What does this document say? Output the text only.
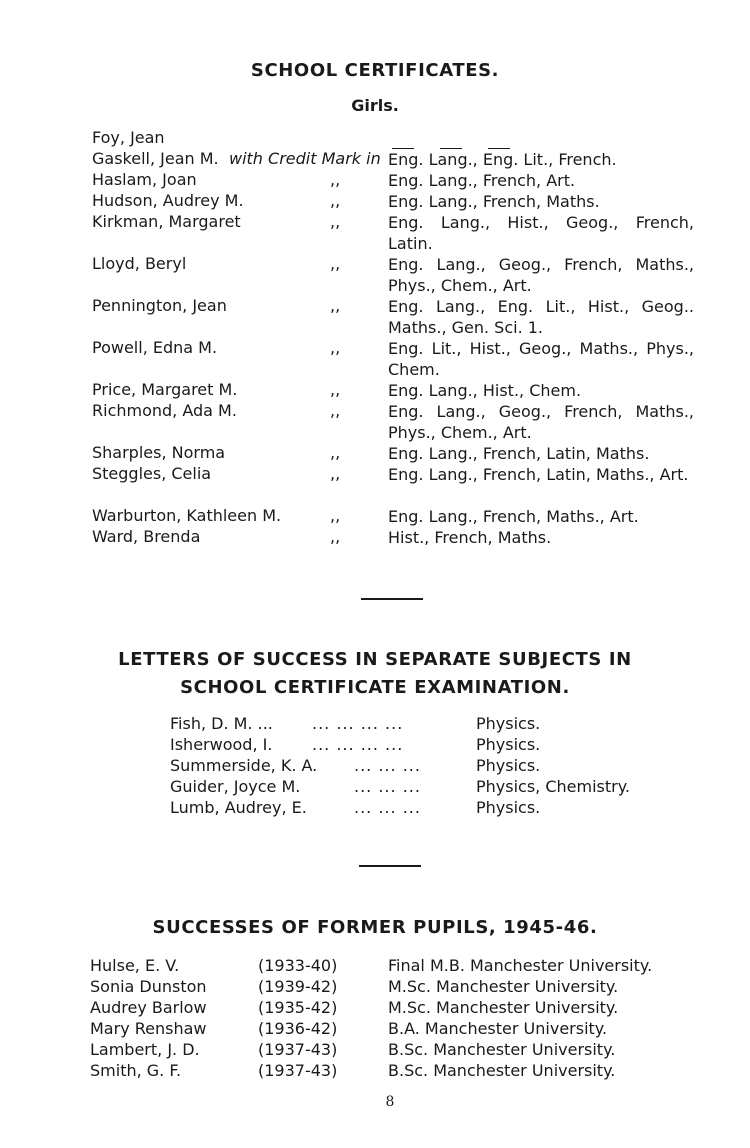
SCHOOL CERTIFICATES.
Girls.
Foy, Jean
Gaskell, Jean M. with Credit Mark in Eng. Lang., Eng. Lit., French.
Haslam, Joan	,,	Eng. Lang., French, Art.
Hudson, Audrey M.	,,	Eng. Lang., French, Maths.
Kirkman, Margaret	,,	Eng. Lang., Hist., Geog., French, Latin.
Lloyd, Beryl	,,	Eng. Lang., Geog., French, Maths., Phys., Chem., Art.
Pennington, Jean	,,	Eng. Lang., Eng. Lit., Hist., Geog.. Maths., Gen. Sci. 1.
Powell, Edna M.	,,	Eng. Lit., Hist., Geog., Maths., Phys., Chem.
Price, Margaret M.	,,	Eng. Lang., Hist., Chem.
Richmond, Ada M.	,,	Eng. Lang., Geog., French, Maths., Phys., Chem., Art.
Sharples, Norma	,,	Eng. Lang., French, Latin, Maths.
Steggles, Celia	,,	Eng. Lang., French, Latin, Maths., Art.
Warburton, Kathleen M.	,,	Eng. Lang., French, Maths., Art.
Ward, Brenda	,,	Hist., French, Maths.
LETTERS OF SUCCESS IN SEPARATE SUBJECTS IN
SCHOOL CERTIFICATE EXAMINATION.
Fish, D. M. ... ... ... ... ...	Physics.
Isherwood, I. ... ... ... ...	Physics.
Summerside, K. A. ... ... ...	Physics.
Guider, Joyce M.	... ... ...	Physics, Chemistry.
Lumb, Audrey, E.	... ... ...	Physics.
SUCCESSES OF FORMER PUPILS, 1945-46.
Hulse, E. V.	(1933-40)	Final M.B. Manchester University.
Sonia Dunston	(1939-42)	M.Sc. Manchester University.
Audrey Barlow	(1935-42)	M.Sc. Manchester University.
Mary Renshaw	(1936-42)	B.A. Manchester University.
Lambert, J. D.	(1937-43)	B.Sc. Manchester University.
Smith, G. F.	(1937-43)	B.Sc. Manchester University.
8
